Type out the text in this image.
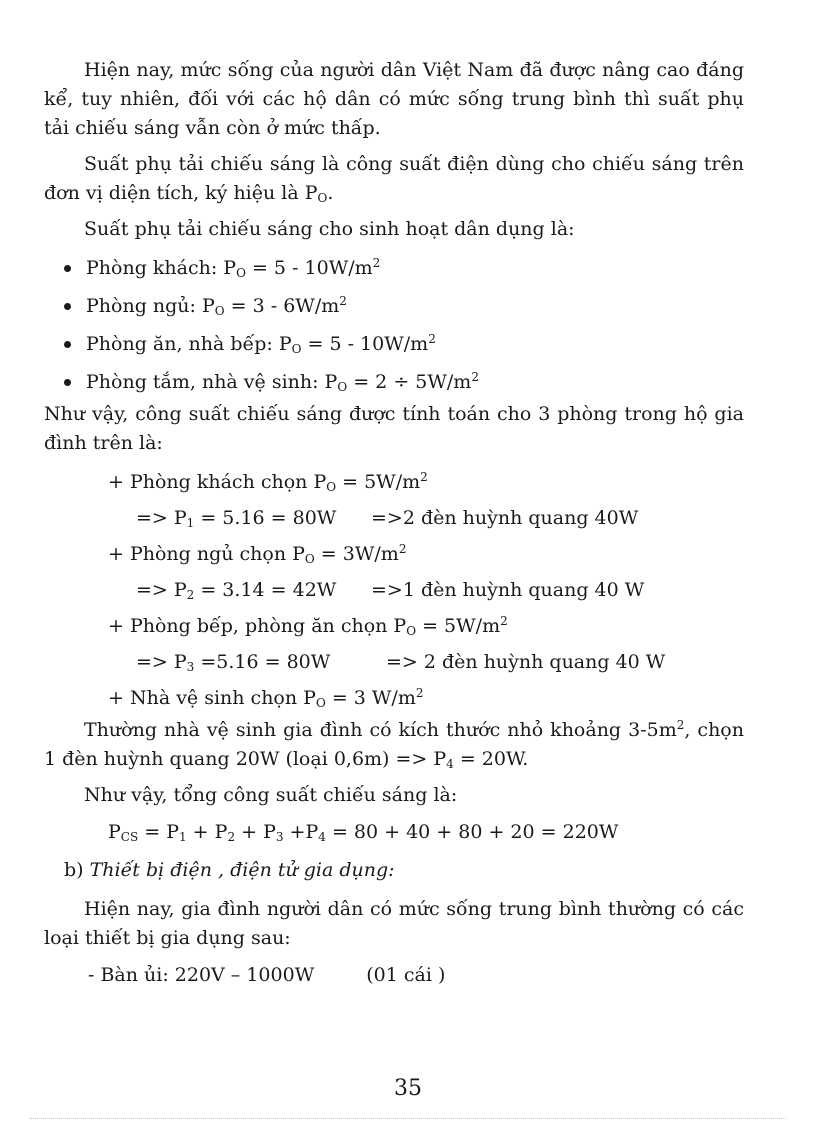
Hiện nay, mức sống của người dân Việt Nam đã được nâng cao đáng kể, tuy nhiên, đối với các hộ dân có mức sống trung bình thì suất phụ tải chiếu sáng vẫn còn ở mức thấp.

Suất phụ tải chiếu sáng là công suất điện dùng cho chiếu sáng trên đơn vị diện tích, ký hiệu là $P_O$.

Suất phụ tải chiếu sáng cho sinh hoạt dân dụng là:

Phòng khách: $P_O = 5 - 10W/m^2$
Phòng ngủ: $P_O = 3 - 6W/m^2$
Phòng ăn, nhà bếp: $P_O = 5 - 10W/m^2$
Phòng tắm, nhà vệ sinh: $P_O = 2 \div 5W/m^2$

Như vậy, công suất chiếu sáng được tính toán cho 3 phòng trong hộ gia đình trên là:

+ Phòng khách chọn $P_O = 5W/m^2$
=> $P_1 = 5.16 = 80W =>2$ đèn huỳnh quang 40W
+ Phòng ngủ chọn $P_O = 3W/m^2$
=> $P_2 = 3.14 = 42W =>1$ đèn huỳnh quang 40 W
+ Phòng bếp, phòng ăn chọn $P_O = 5W/m^2$
=> $P_3 =5.16 = 80W$	=> 2 đèn huỳnh quang 40 W
+ Nhà vệ sinh chọn $P_O = 3$ $W/m^2$

Thường nhà vệ sinh gia đình có kích thước nhỏ khoảng $3-5m^2$, chọn 1 đèn huỳnh quang 20W (loại $0,6m) => P_4 = 20W$.

Như vậy, tổng công suất chiếu sáng là:

$P_{CS} = P_1 + P_2 + P_3 +P_4 = 80 + 40 + 80 + 20 = 220W$
b) Thiết bị điện , điện tử gia dụng:

Hiện nay, gia đình người dân có mức sống trung bình thường có các loại thiết bị gia dụng sau:

- Bàn ủi: 220V – 1000W	(01 cái )
35
